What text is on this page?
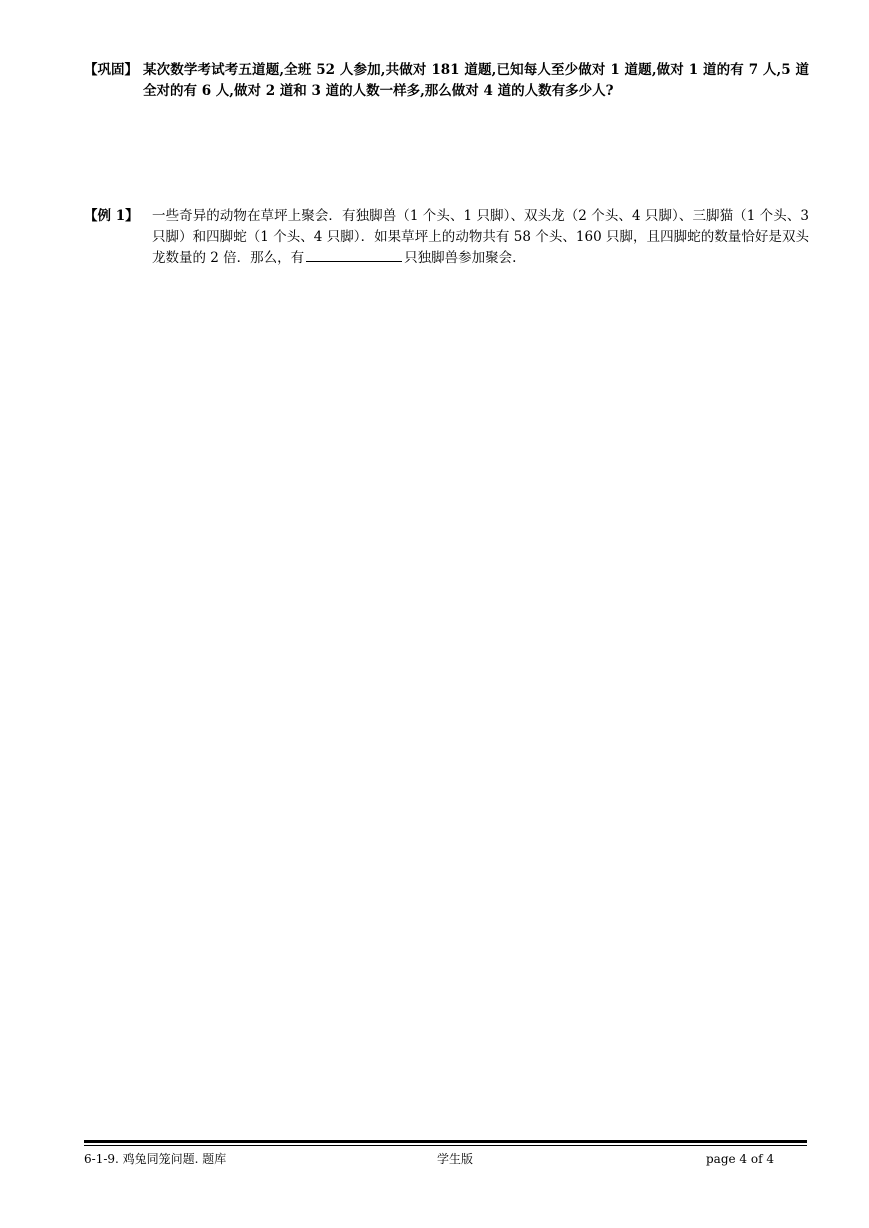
【巩固】 某次数学考试考五道题,全班 52 人参加,共做对 181 道题,已知每人至少做对 1 道题,做对 1 道的有 7 人,5 道全对的有 6 人,做对 2 道和 3 道的人数一样多,那么做对 4 道的人数有多少人?
【例 1】 一些奇异的动物在草坪上聚会．有独脚兽（1 个头、1 只脚）、双头龙（2 个头、4 只脚）、三脚猫（1 个头、3 只脚）和四脚蛇（1 个头、4 只脚）．如果草坪上的动物共有 58 个头、160 只脚，且四脚蛇的数量恰好是双头龙数量的 2 倍．那么，有	只独脚兽参加聚会.
6-1-9. 鸡兔同笼问题. 题库	学生版	page 4 of 4
